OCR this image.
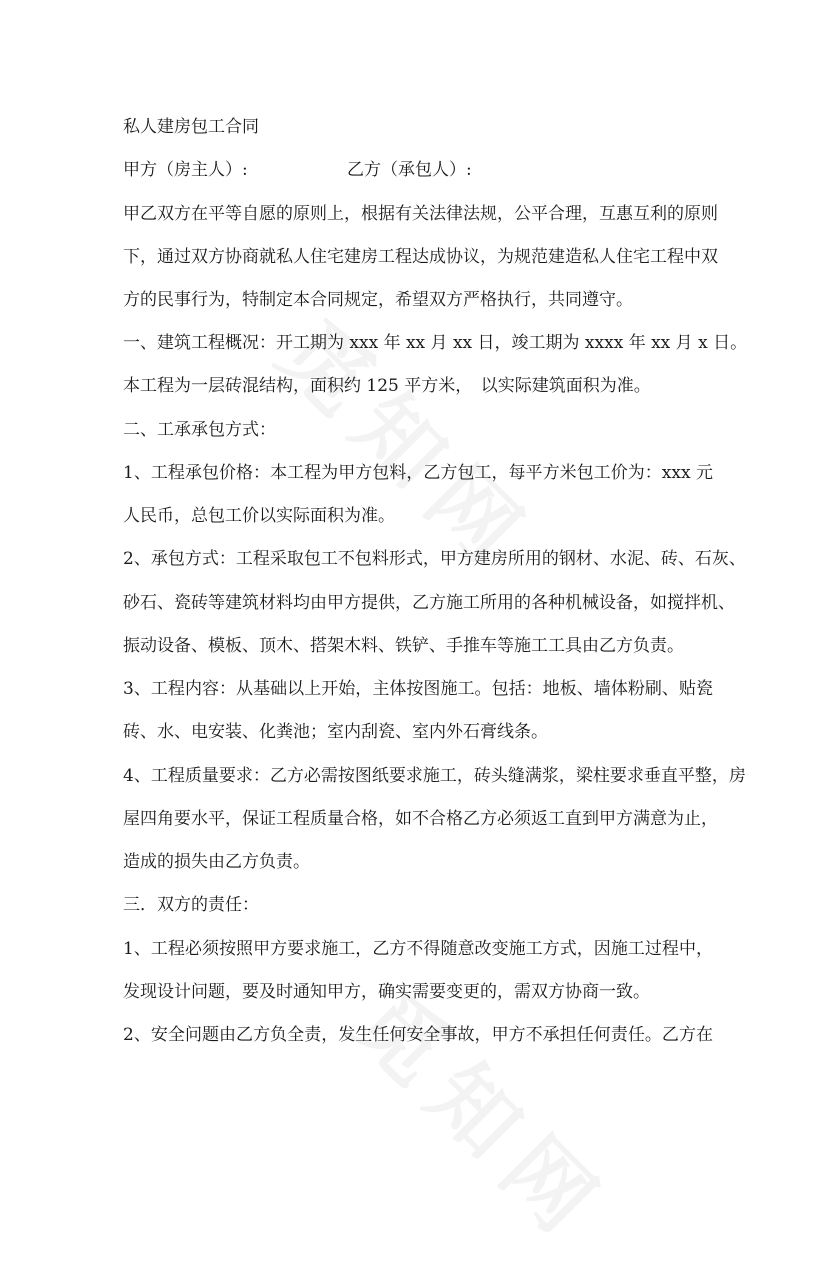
私人建房包工合同
甲方（房主人）:	乙方（承包人）:
甲乙双方在平等自愿的原则上，根据有关法律法规，公平合理，互惠互利的原则
下，通过双方协商就私人住宅建房工程达成协议，为规范建造私人住宅工程中双
方的民事行为，特制定本合同规定，希望双方严格执行，共同遵守。
一、建筑工程概况：开工期为 xxx 年 xx 月 xx 日，竣工期为 xxxx 年 xx 月 x 日。
本工程为一层砖混结构，面积约 125 平方米，　以实际建筑面积为准。
二、工承承包方式：
1、工程承包价格：本工程为甲方包料，乙方包工，每平方米包工价为：xxx 元
人民币，总包工价以实际面积为准。
2、承包方式：工程采取包工不包料形式，甲方建房所用的钢材、水泥、砖、石灰、
砂石、瓷砖等建筑材料均由甲方提供，乙方施工所用的各种机械设备，如搅拌机、
振动设备、模板、顶木、搭架木料、铁铲、手推车等施工工具由乙方负责。
3、工程内容：从基础以上开始，主体按图施工。包括：地板、墙体粉刷、贴瓷
砖、水、电安装、化粪池；室内刮瓷、室内外石膏线条。
4、工程质量要求：乙方必需按图纸要求施工，砖头缝满浆，梁柱要求垂直平整，房
屋四角要水平，保证工程质量合格，如不合格乙方必须返工直到甲方满意为止，
造成的损失由乙方负责。
三．双方的责任：
1、工程必须按照甲方要求施工，乙方不得随意改变施工方式，因施工过程中，
发现设计问题，要及时通知甲方，确实需要变更的，需双方协商一致。
2、安全问题由乙方负全责，发生任何安全事故，甲方不承担任何责任。乙方在
